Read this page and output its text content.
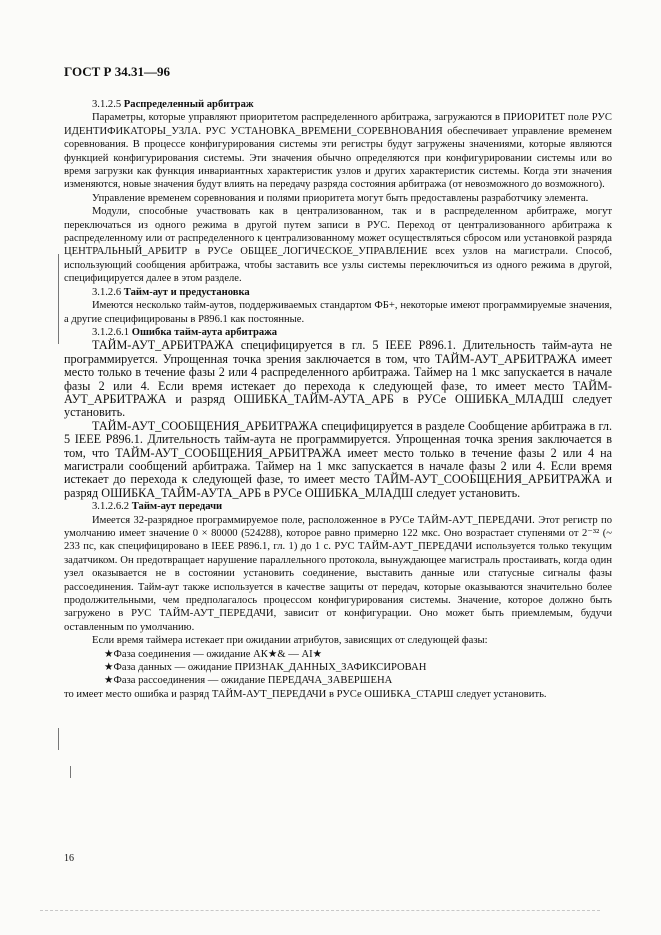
ГОСТ Р 34.31—96
3.1.2.5 Распределенный арбитраж

Параметры, которые управляют приоритетом распределенного арбитража, загружаются в ПРИОРИТЕТ поле РУС ИДЕНТИФИКАТОРЫ_УЗЛА. РУС УСТАНОВКА_ВРЕМЕНИ_СОРЕВНОВАНИЯ обеспечивает управление временем соревнования. В процессе конфигурирования системы эти регистры будут загружены значениями, которые являются функцией конфигурирования системы. Эти значения обычно определяются при конфигурировании системы или во время загрузки как функция инвариантных характеристик узлов и других характеристик системы. Когда эти значения изменяются, новые значения будут влиять на передачу разряда состояния арбитража (от невозможного до возможного).

Управление временем соревнования и полями приоритета могут быть предоставлены разработчику элемента.

Модули, способные участвовать как в централизованном, так и в распределенном арбитраже, могут переключаться из одного режима в другой путем записи в РУС. Переход от централизованного арбитража к распределенному или от распределенного к централизованному может осуществляться сбросом или установкой разряда ЦЕНТРАЛЬНЫЙ_АРБИТР в РУСе ОБЩЕЕ_ЛОГИЧЕСКОЕ_УПРАВЛЕНИЕ всех узлов на магистрали. Способ, использующий сообщения арбитража, чтобы заставить все узлы системы переключиться из одного режима в другой, специфицируется далее в этом разделе.

3.1.2.6 Тайм-аут и предустановка

Имеются несколько тайм-аутов, поддерживаемых стандартом ФБ+, некоторые имеют программируемые значения, а другие специфицированы в Р896.1 как постоянные.

3.1.2.6.1 Ошибка тайм-аута арбитража

ТАЙМ-АУТ_АРБИТРАЖА специфицируется в гл. 5 IEEE P896.1. Длительность тайм-аута не программируется. Упрощенная точка зрения заключается в том, что ТАЙМ-АУТ_АРБИТРАЖА имеет место только в течение фазы 2 или 4 распределенного арбитража. Таймер на 1 мкс запускается в начале фазы 2 или 4. Если время истекает до перехода к следующей фазе, то имеет место ТАЙМ-АУТ_АРБИТРАЖА и разряд ОШИБКА_ТАЙМ-АУТА_АРБ в РУСе ОШИБКА_МЛАДШ следует установить.

ТАЙМ-АУТ_СООБЩЕНИЯ_АРБИТРАЖА специфицируется в разделе Сообщение арбитража в гл. 5 IEEE P896.1. Длительность тайм-аута не программируется. Упрощенная точка зрения заключается в том, что ТАЙМ-АУТ_СООБЩЕНИЯ_АРБИТРАЖА имеет место только в течение фазы 2 или 4 на магистрали сообщений арбитража. Таймер на 1 мкс запускается в начале фазы 2 или 4. Если время истекает до перехода к следующей фазе, то имеет место ТАЙМ-АУТ_СООБЩЕНИЯ_АРБИТРАЖА и разряд ОШИБКА_ТАЙМ-АУТА_АРБ в РУСе ОШИБКА_МЛАДШ следует установить.

3.1.2.6.2 Тайм-аут передачи

Имеется 32-разрядное программируемое поле, расположенное в РУСе ТАЙМ-АУТ_ПЕРЕДАЧИ. Этот регистр по умолчанию имеет значение 0 × 80000 (524288), которое равно примерно 122 мкс. Оно возрастает ступенями от 2⁻³² (~ 233 пс, как специфицировано в IEEE P896.1, гл. 1) до 1 с. РУС ТАЙМ-АУТ_ПЕРЕДАЧИ используется только текущим задатчиком. Он предотвращает нарушение параллельного протокола, вынуждающее магистраль простаивать, когда один узел оказывается не в состоянии установить соединение, выставить данные или статусные сигналы фазы рассоединения. Тайм-аут также используется в качестве защиты от передач, которые оказываются значительно более продолжительными, чем предполагалось процессом конфигурирования системы. Значение, которое должно быть загружено в РУС ТАЙМ-АУТ_ПЕРЕДАЧИ, зависит от конфигурации. Оно может быть приемлемым, будучи оставленным по умолчанию.

Если время таймера истекает при ожидании атрибутов, зависящих от следующей фазы:

★Фаза соединения — ожидание АК★& — AI★
★Фаза данных — ожидание ПРИЗНАК_ДАННЫХ_ЗАФИКСИРОВАН
★Фаза рассоединения — ожидание ПЕРЕДАЧА_ЗАВЕРШЕНА

то имеет место ошибка и разряд ТАЙМ-АУТ_ПЕРЕДАЧИ в РУСе ОШИБКА_СТАРШ следует установить.

16
